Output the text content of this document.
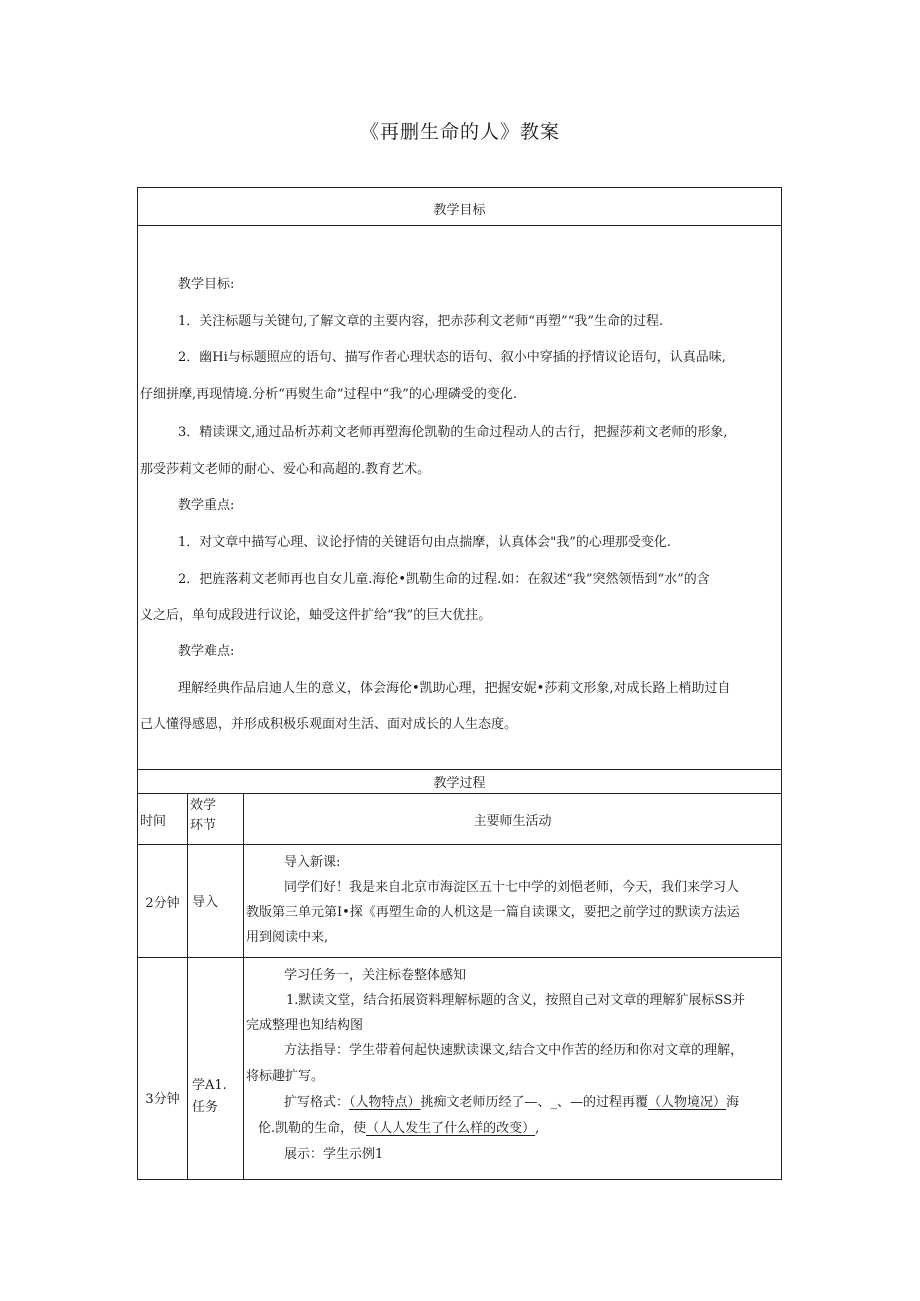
《再删生命的人》教案
教学目标

教学目标:

1．关注标题与关键句,了解文章的主要内容，把赤莎利文老师“再塑”“我”生命的过程.

2．幽Hi与标题照应的语句、描写作者心理状态的语句、叙小中穿插的抒情议论语句，认真品味,

仔细拼摩,再现情境.分析“再熨生命”过程中“我”的心理磷受的变化.

3．精读课文,通过品析苏莉文老师再塑海伦凯勒的生命过程动人的古行，把握莎莉文老师的形象,

那受莎莉文老师的耐心、爱心和高超的.教育艺术。

教学重点:

1．对文章中描写心理、议论抒情的关键语句由点揣摩，认真体会"我”的心理那受变化.

2．把旌落莉文老师再也自女儿童.海伦•凯勒生命的过程.如：在叙述“我”突然领悟到“水”的含

义之后，单句成段进行议论，蚰受这件扩给“我”的巨大优拄。

教学难点:

理解经典作品启迪人生的意义，体会海伦•凯助心理，把握安妮•莎莉文形象,对成长路上梢助过自

己人懂得感恩，并形成积极乐观面对生活、面对成长的人生态度。

教学过程
时间
效学
环节	主要师生活动
2分钟 导入

导入新课:

同学们好！我是来自北京市海淀区五十七中学的刘悒老师，今天，我们来学习人

教版第三单元第I•探《再塑生命的人机这是一篇自读课文，要把之前学过的默读方法运

用到阅读中来,

3分钟
学A1.
任务

学习任务一，关注标卷整体感知

1.默读文堂，结合拓展资料理解标题的含义，按照自己对文章的理解犷展标SS并

完成整理也知结构图

方法指导：学生带着何起快速默读课文,结合文中作苦的经历和你对文章的理解，

将标趣扩写。

扩写格式：（人物特点）挑痴文老师历经了—、_、—的过程再覆（人物境况）海

伦.凯勒的生命，使（人人发生了什么样的改变）,

展示：学生示例1
